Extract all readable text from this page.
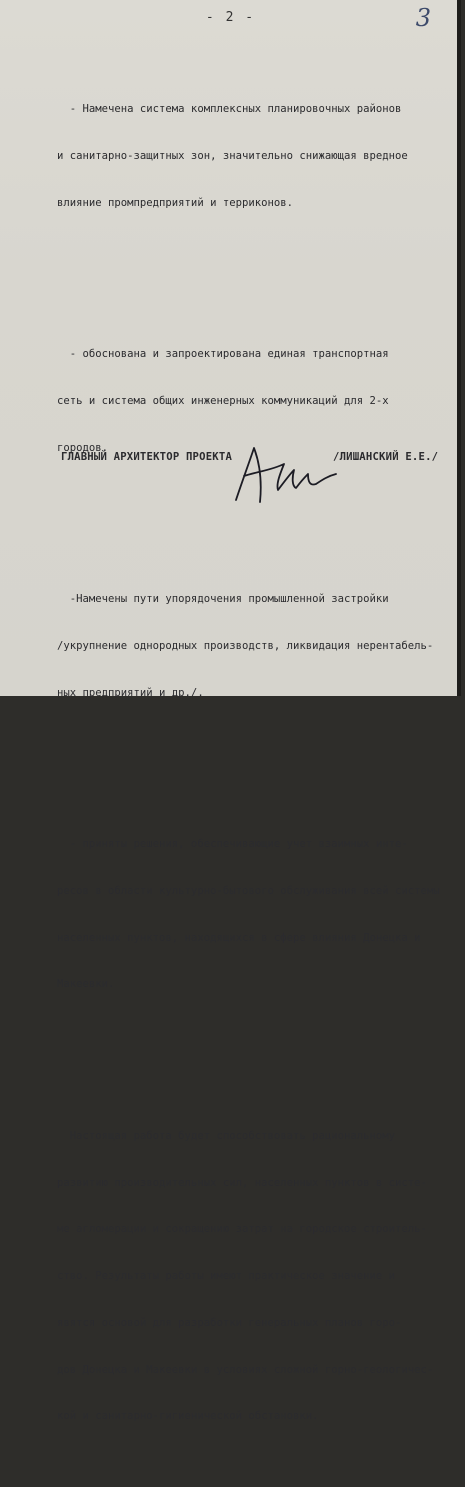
- 2 -	3

- Намечена система комплексных планировочных районов

и санитарно-защитных зон, значительно снижающая вредное

влияние промпредприятий и терриконов.

- обоснована и запроектирована единая транспортная

сеть и система общих инженерных коммуникаций для 2-х

городов.

-Намечены пути упорядочения промышленной застройки

/укрупнение однородных производств, ликвидация нерентабель-

ных предприятий и др./.

- приняты решения, обеспечивающие учет взаимных инте-

ресов в области культурно-бытового обслуживания всей системы

населенных пунктов, находящихся в сфере влияния Донецка и

Макеевки.

Настоящая работа будет способствовать рациональному

развитию производительных сил, населенных пунктов в систе-

ме агломерации и сокращению затрат на городское строитель-

ство. Результаты работы имеют практическое значение и

явятся основой для разработки генеральных планов горо-

дов Донецка и Макеевки в условиях сложной горно-геологичес-

кой и санитарно-гигиенической обстановки.

ГЛАВНЫЙ АРХИТЕКТОР ПРОЕКТА

	/ЛИШАНСКИЙ Е.Е./
